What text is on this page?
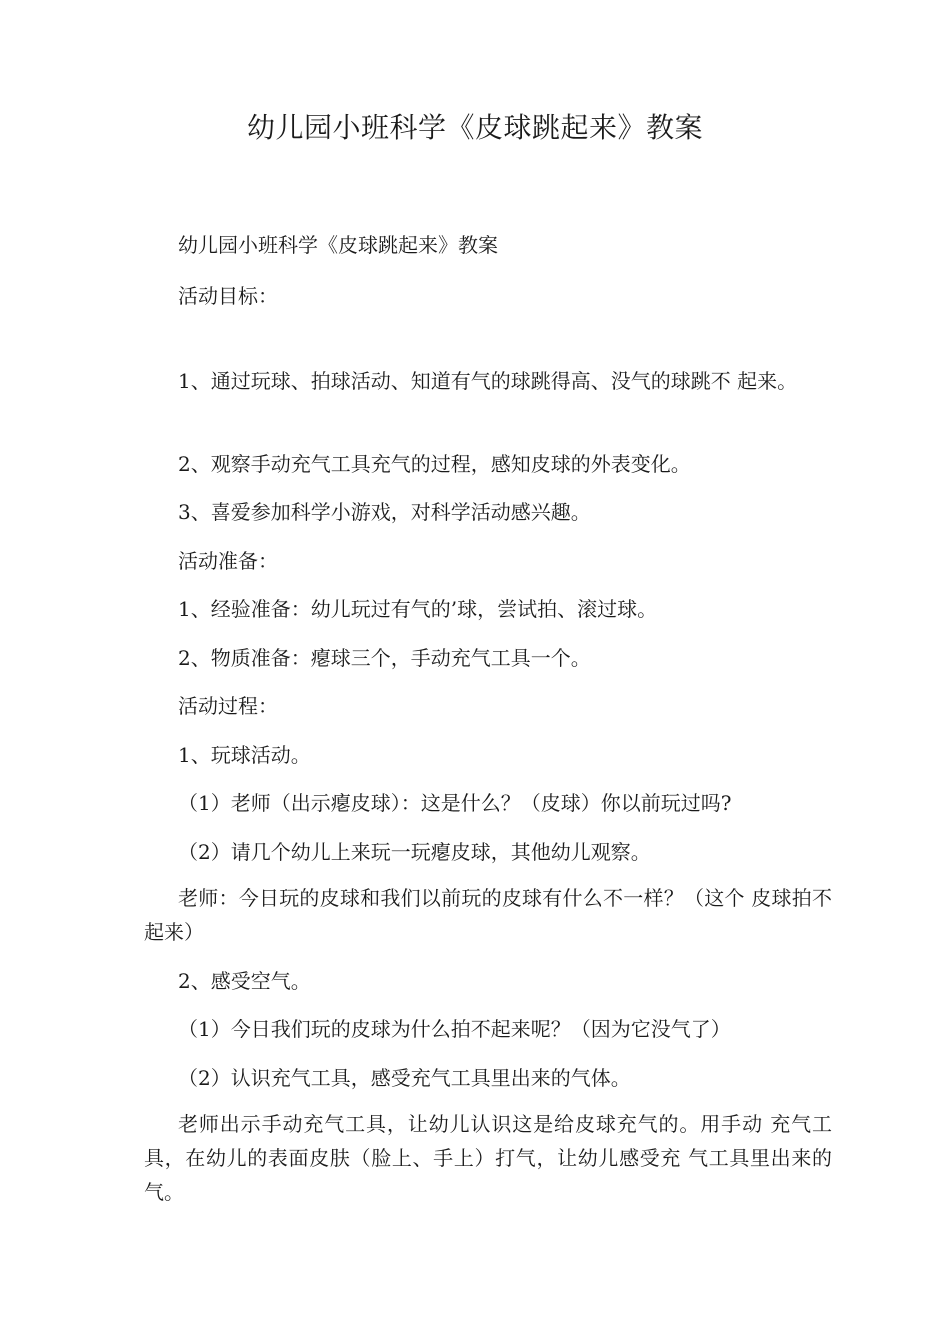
幼儿园小班科学《皮球跳起来》教案
幼儿园小班科学《皮球跳起来》教案
活动目标：
1、通过玩球、拍球活动、知道有气的球跳得高、没气的球跳不 起来。
2、观察手动充气工具充气的过程，感知皮球的外表变化。
3、喜爱参加科学小游戏，对科学活动感兴趣。
活动准备：
1、经验准备：幼儿玩过有气的’球，尝试拍、滚过球。
2、物质准备：瘪球三个，手动充气工具一个。
活动过程：
1、玩球活动。
（1）老师（出示瘪皮球）：这是什么？（皮球）你以前玩过吗?
（2）请几个幼儿上来玩一玩瘪皮球，其他幼儿观察。
老师：今日玩的皮球和我们以前玩的皮球有什么不一样？（这个 皮球拍不起来）
2、感受空气。
（1）今日我们玩的皮球为什么拍不起来呢？（因为它没气了）
（2）认识充气工具，感受充气工具里出来的气体。
老师出示手动充气工具，让幼儿认识这是给皮球充气的。用手动 充气工具，在幼儿的表面皮肤（脸上、手上）打气，让幼儿感受充 气工具里出来的气。
